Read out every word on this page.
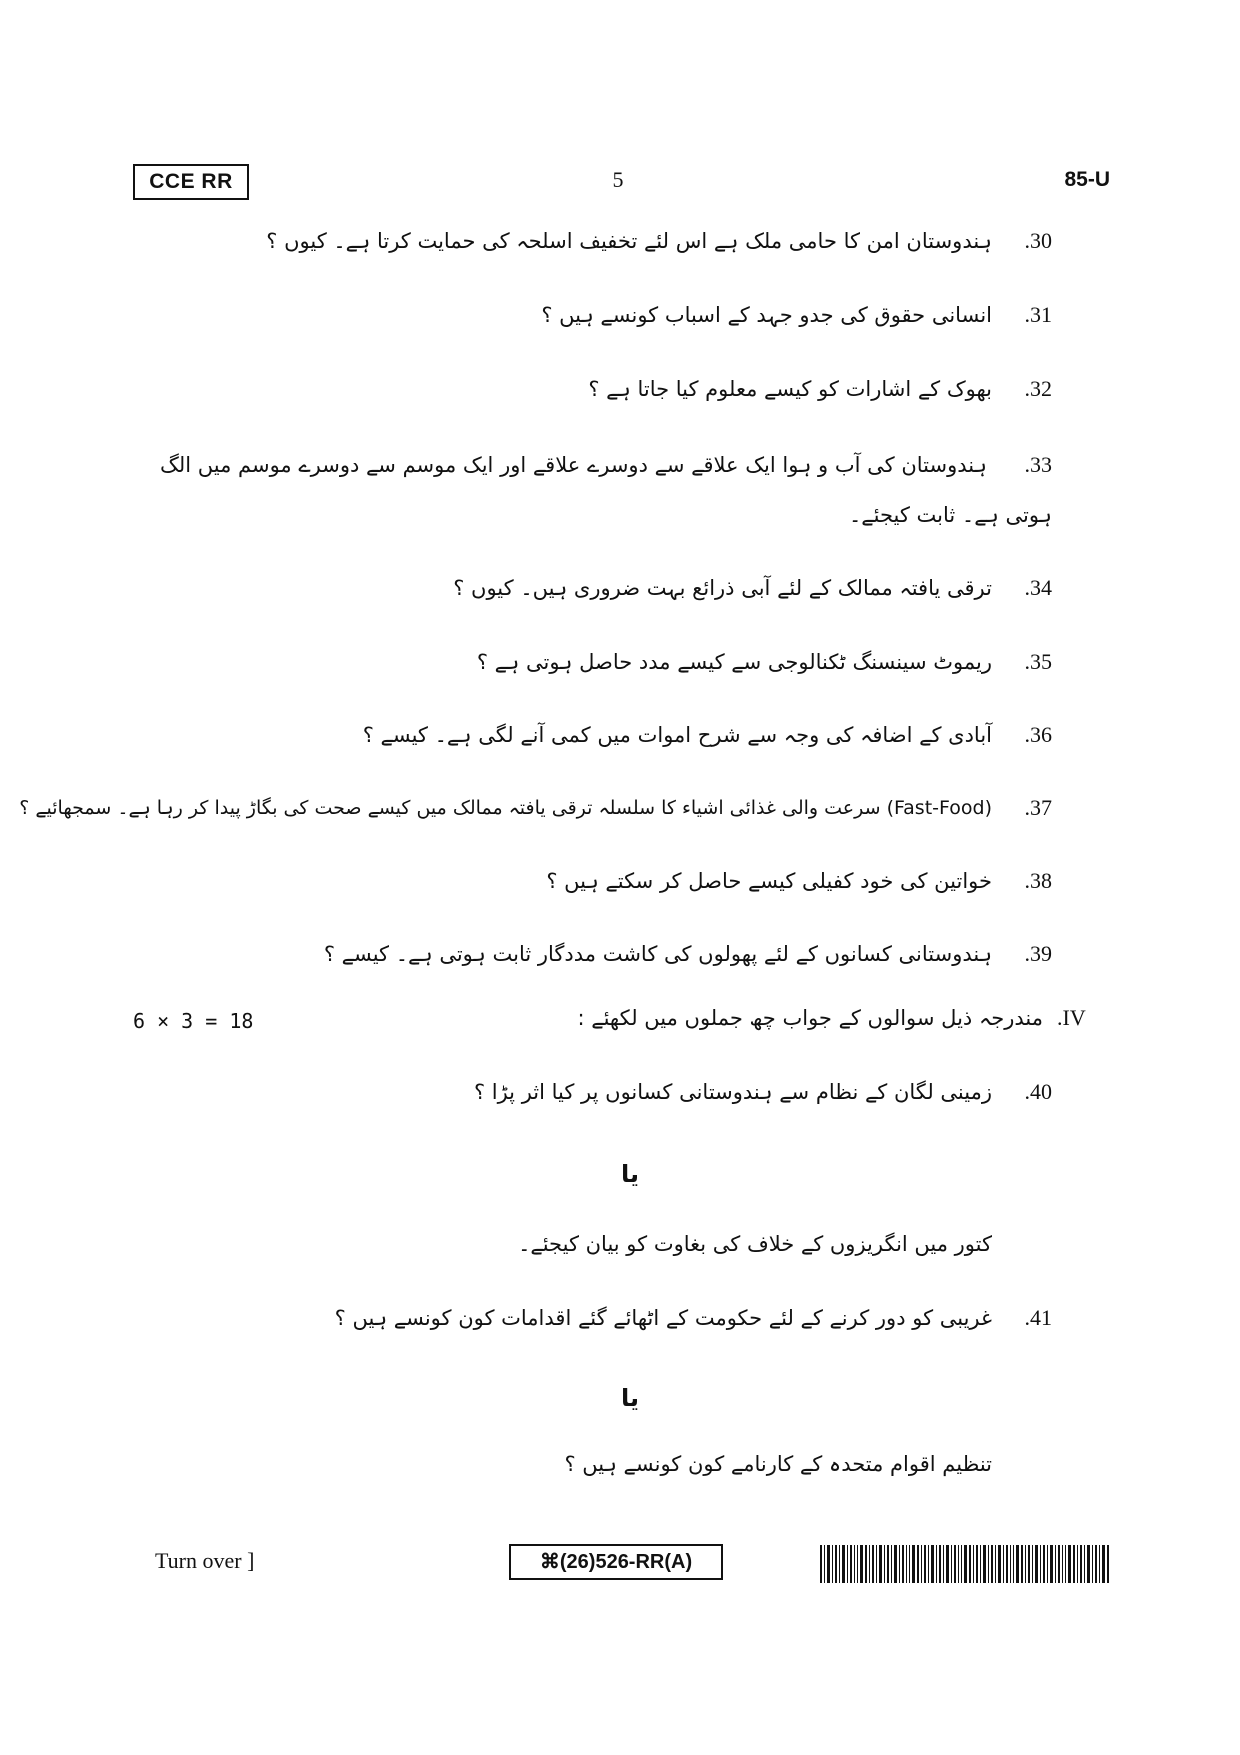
CCE RR	5	85-U
30.ہندوستان امن کا حامی ملک ہے اس لئے تخفیف اسلحہ کی حمایت کرتا ہے۔ کیوں ؟
31.انسانی حقوق کی جدو جہد کے اسباب کونسے ہیں ؟
32.بھوک کے اشارات کو کیسے معلوم کیا جاتا ہے ؟
33. ہندوستان کی آب و ہوا ایک علاقے سے دوسرے علاقے اور ایک موسم سے دوسرے موسم میں الگ ہوتی ہے۔ ثابت کیجئے۔
34.ترقی یافتہ ممالک کے لئے آبی ذرائع بہت ضروری ہیں۔ کیوں ؟
35.ریموٹ سینسنگ ٹکنالوجی سے کیسے مدد حاصل ہوتی ہے ؟
36.آبادی کے اضافہ کی وجہ سے شرح اموات میں کمی آنے لگی ہے۔ کیسے ؟
37.(Fast-Food) سرعت والی غذائی اشیاء کا سلسلہ ترقی یافتہ ممالک میں کیسے صحت کی بگاڑ پیدا کر رہا ہے۔ سمجھائیے ؟
38.خواتین کی خود کفیلی کیسے حاصل کر سکتے ہیں ؟
39.ہندوستانی کسانوں کے لئے پھولوں کی کاشت مددگار ثابت ہوتی ہے۔ کیسے ؟
6 × 3 = 18	IV.مندرجہ ذیل سوالوں کے جواب چھ جملوں میں لکھئے :
40.زمینی لگان کے نظام سے ہندوستانی کسانوں پر کیا اثر پڑا ؟
یا
کتور میں انگریزوں کے خلاف کی بغاوت کو بیان کیجئے۔
41.غریبی کو دور کرنے کے لئے حکومت کے اٹھائے گئے اقدامات کون کونسے ہیں ؟
یا
تنظیم اقوام متحدہ کے کارنامے کون کونسے ہیں ؟
Turn over ]	⌘(26)526-RR(A)
